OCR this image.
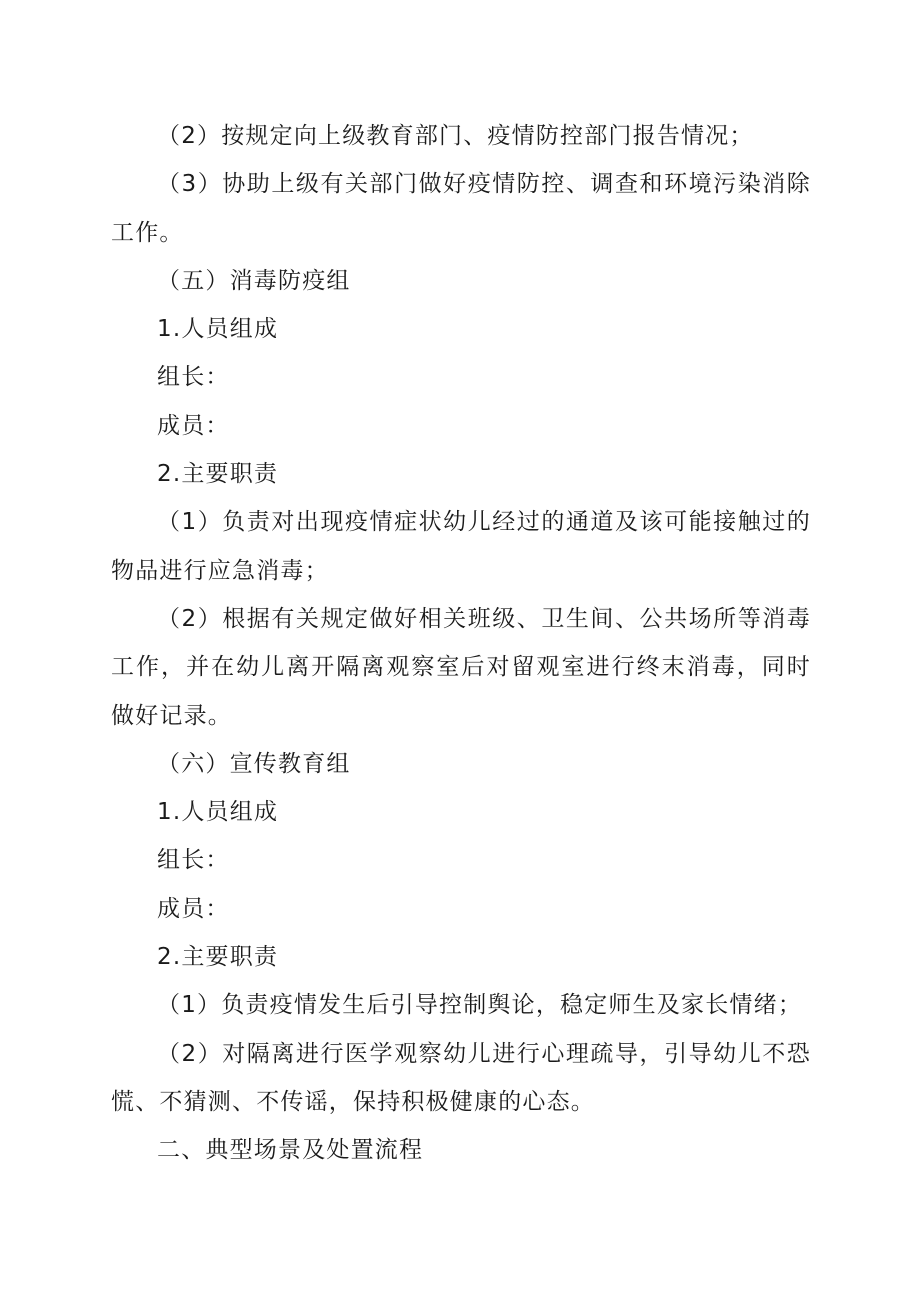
（2）按规定向上级教育部门、疫情防控部门报告情况；

（3）协助上级有关部门做好疫情防控、调查和环境污染消除工作。

（五）消毒防疫组

1.人员组成

组长：

成员：

2.主要职责

（1）负责对出现疫情症状幼儿经过的通道及该可能接触过的物品进行应急消毒；

（2）根据有关规定做好相关班级、卫生间、公共场所等消毒工作，并在幼儿离开隔离观察室后对留观室进行终末消毒，同时做好记录。

（六）宣传教育组

1.人员组成

组长：

成员：

2.主要职责

（1）负责疫情发生后引导控制舆论，稳定师生及家长情绪；

（2）对隔离进行医学观察幼儿进行心理疏导，引导幼儿不恐慌、不猜测、不传谣，保持积极健康的心态。

二、典型场景及处置流程
